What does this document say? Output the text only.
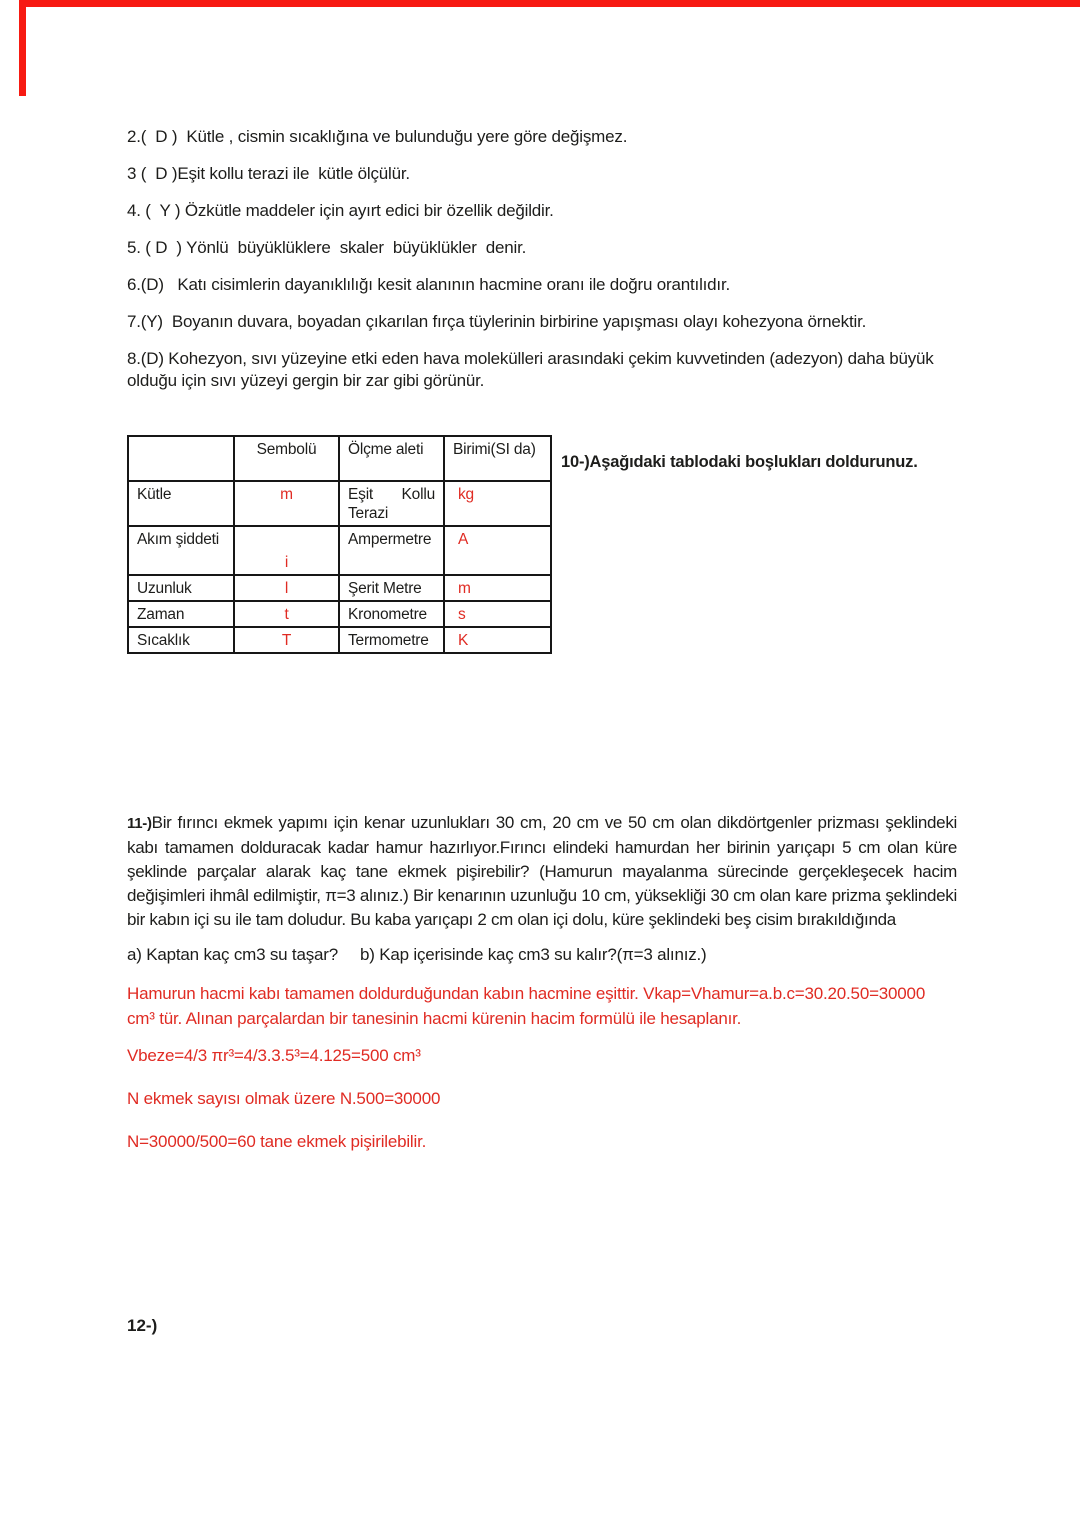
2.(  D )  Kütle , cismin sıcaklığına ve bulunduğu yere göre değişmez.

3 (  D )Eşit kollu terazi ile  kütle ölçülür.

4. (  Y ) Özkütle maddeler için ayırt edici bir özellik değildir.

5. ( D  ) Yönlü  büyüklüklere  skaler  büyüklükler  denir.

6.(D)   Katı cisimlerin dayanıklılığı kesit alanının hacmine oranı ile doğru orantılıdır.

7.(Y)  Boyanın duvara, boyadan çıkarılan fırça tüylerinin birbirine yapışması olayı kohezyona örnektir.

8.(D) Kohezyon, sıvı yüzeyine etki eden hava molekülleri arasındaki çekim kuvvetinden (adezyon) daha büyük olduğu için sıvı yüzeyi gergin bir zar gibi görünür.

	Sembolü	Ölçme aleti	Birimi(SI da)
Kütle	m	Eşit Kollu Terazi	kg
Akım şiddeti	i	Ampermetre	A
Uzunluk	l	Şerit Metre	m
Zaman	t	Kronometre	s
Sıcaklık	T	Termometre	K
10-)Aşağıdaki tablodaki boşlukları doldurunuz.

11-)Bir fırıncı ekmek yapımı için kenar uzunlukları 30 cm, 20 cm ve 50 cm olan dikdörtgenler prizması şeklindeki kabı tamamen dolduracak kadar hamur hazırlıyor.Fırıncı elindeki hamurdan her birinin yarıçapı 5 cm olan küre şeklinde parçalar alarak kaç tane ekmek pişirebilir? (Hamurun mayalanma sürecinde gerçekleşecek hacim değişimleri ihmâl edilmiştir, π=3 alınız.) Bir kenarının uzunluğu 10 cm, yüksekliği 30 cm olan kare prizma şeklindeki bir kabın içi su ile tam doludur. Bu kaba yarıçapı 2 cm olan içi dolu, küre şeklindeki beş cisim bırakıldığında

a) Kaptan kaç cm3 su taşar? b) Kap içerisinde kaç cm3 su kalır?(π=3 alınız.)

Hamurun hacmi kabı tamamen doldurduğundan kabın hacmine eşittir. Vkap=Vhamur=a.b.c=30.20.50=30000 cm³ tür. Alınan parçalardan bir tanesinin hacmi kürenin hacim formülü ile hesaplanır.

Vbeze=4/3 πr³=4/3.3.5³=4.125=500 cm³

N ekmek sayısı olmak üzere N.500=30000

N=30000/500=60 tane ekmek pişirilebilir.

12-)
